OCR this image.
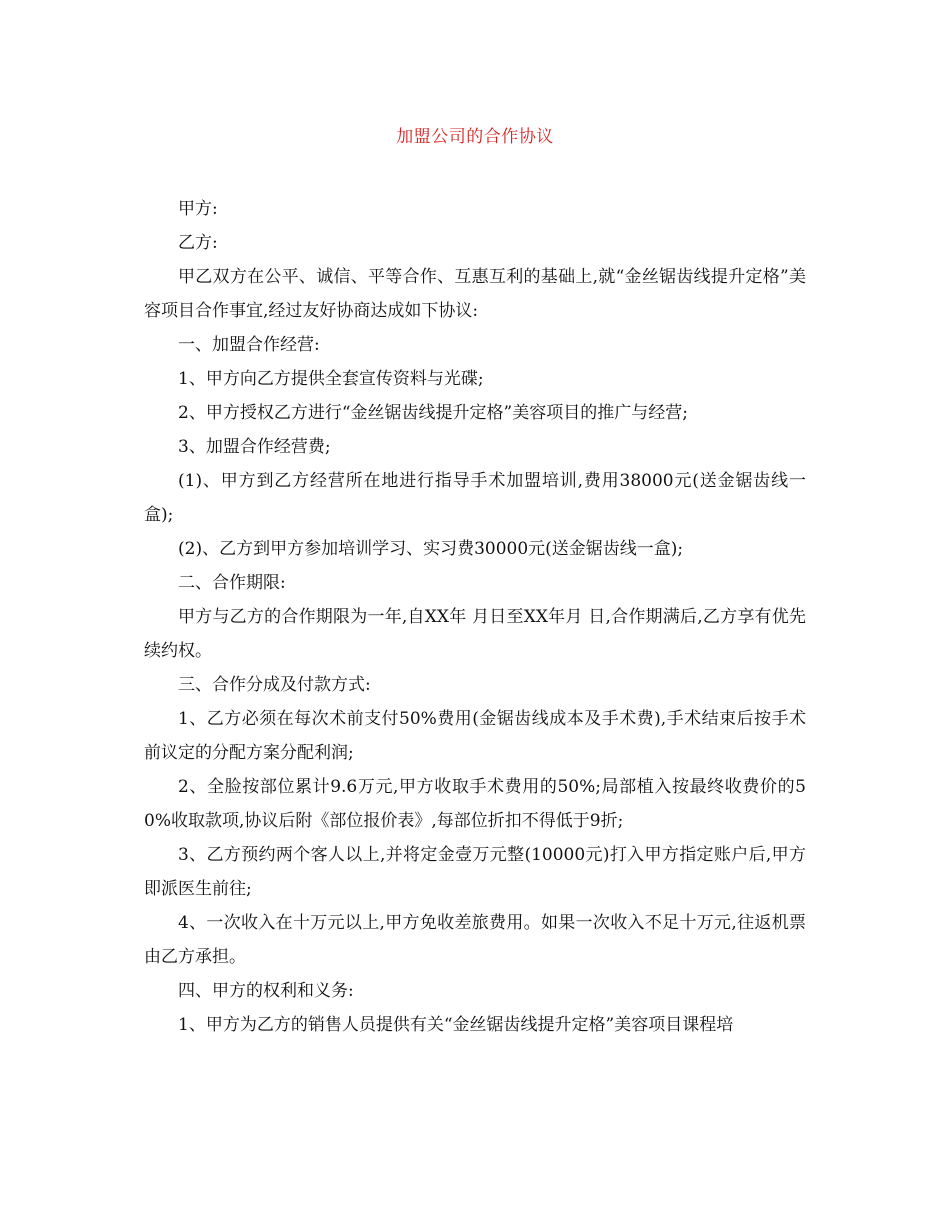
加盟公司的合作协议

甲方:

乙方:

甲乙双方在公平、诚信、平等合作、互惠互利的基础上,就“金丝锯齿线提升定格”美容项目合作事宜,经过友好协商达成如下协议:

一、加盟合作经营:

1、甲方向乙方提供全套宣传资料与光碟;

2、甲方授权乙方进行“金丝锯齿线提升定格”美容项目的推广与经营;

3、加盟合作经营费;

(1)、甲方到乙方经营所在地进行指导手术加盟培训,费用38000元(送金锯齿线一盒);

(2)、乙方到甲方参加培训学习、实习费30000元(送金锯齿线一盒);

二、合作期限:

甲方与乙方的合作期限为一年,自XX年 月日至XX年月 日,合作期满后,乙方享有优先续约权。

三、合作分成及付款方式:

1、乙方必须在每次术前支付50%费用(金锯齿线成本及手术费),手术结束后按手术前议定的分配方案分配利润;

2、全脸按部位累计9.6万元,甲方收取手术费用的50%;局部植入按最终收费价的50%收取款项,协议后附《部位报价表》,每部位折扣不得低于9折;

3、乙方预约两个客人以上,并将定金壹万元整(10000元)打入甲方指定账户后,甲方即派医生前往;

4、一次收入在十万元以上,甲方免收差旅费用。如果一次收入不足十万元,往返机票由乙方承担。

四、甲方的权利和义务:

1、甲方为乙方的销售人员提供有关“金丝锯齿线提升定格”美容项目课程培
